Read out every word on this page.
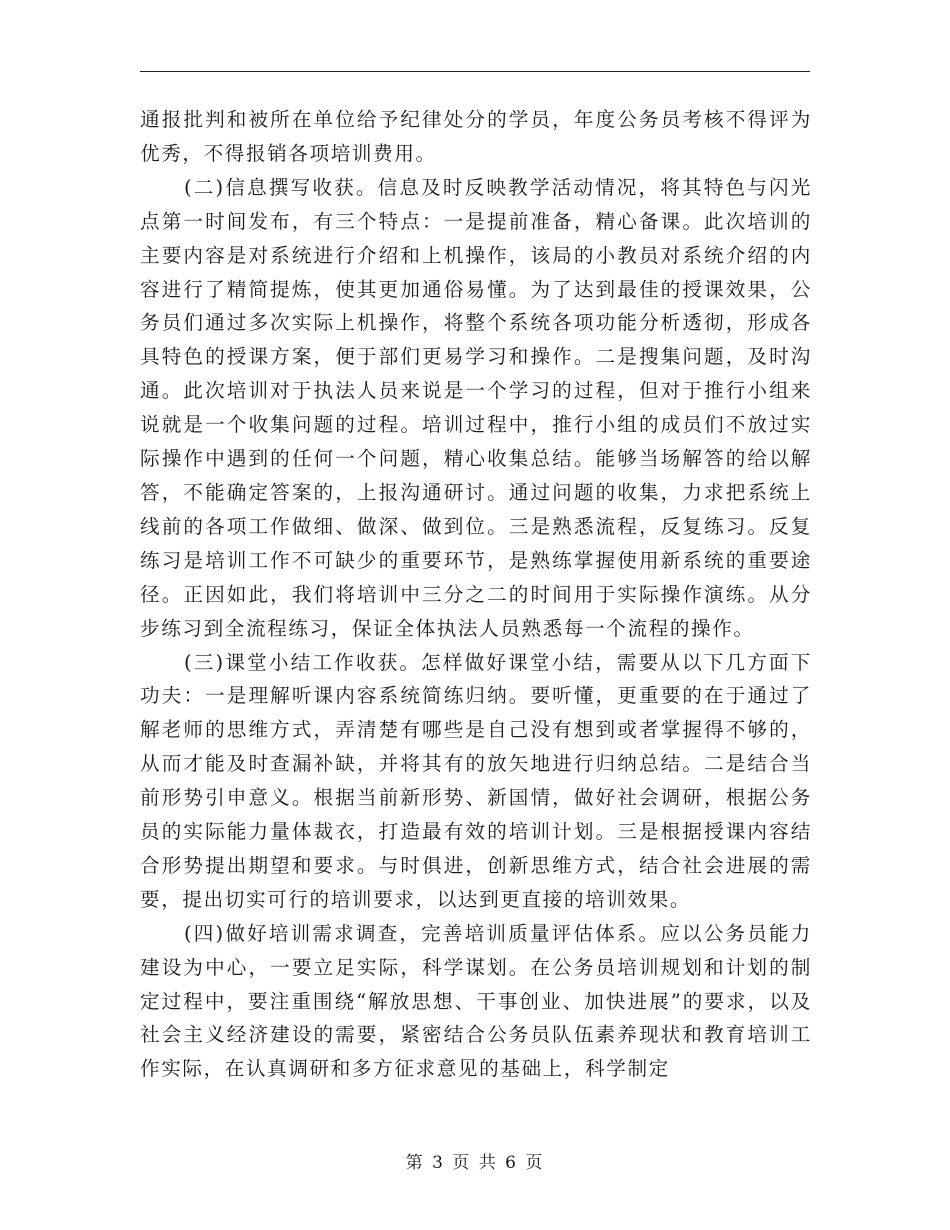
通报批判和被所在单位给予纪律处分的学员，年度公务员考核不得评为优秀，不得报销各项培训费用。

(二)信息撰写收获。信息及时反映教学活动情况，将其特色与闪光点第一时间发布，有三个特点：一是提前准备，精心备课。此次培训的主要内容是对系统进行介绍和上机操作，该局的小教员对系统介绍的内容进行了精简提炼，使其更加通俗易懂。为了达到最佳的授课效果，公务员们通过多次实际上机操作，将整个系统各项功能分析透彻，形成各具特色的授课方案，便于部们更易学习和操作。二是搜集问题，及时沟通。此次培训对于执法人员来说是一个学习的过程，但对于推行小组来说就是一个收集问题的过程。培训过程中，推行小组的成员们不放过实际操作中遇到的任何一个问题，精心收集总结。能够当场解答的给以解答，不能确定答案的，上报沟通研讨。通过问题的收集，力求把系统上线前的各项工作做细、做深、做到位。三是熟悉流程，反复练习。反复练习是培训工作不可缺少的重要环节，是熟练掌握使用新系统的重要途径。正因如此，我们将培训中三分之二的时间用于实际操作演练。从分步练习到全流程练习，保证全体执法人员熟悉每一个流程的操作。

(三)课堂小结工作收获。怎样做好课堂小结，需要从以下几方面下功夫：一是理解听课内容系统简练归纳。要听懂，更重要的在于通过了解老师的思维方式，弄清楚有哪些是自己没有想到或者掌握得不够的，从而才能及时查漏补缺，并将其有的放矢地进行归纳总结。二是结合当前形势引申意义。根据当前新形势、新国情，做好社会调研，根据公务员的实际能力量体裁衣，打造最有效的培训计划。三是根据授课内容结合形势提出期望和要求。与时俱进，创新思维方式，结合社会进展的需要，提出切实可行的培训要求，以达到更直接的培训效果。

(四)做好培训需求调查，完善培训质量评估体系。应以公务员能力建设为中心，一要立足实际，科学谋划。在公务员培训规划和计划的制定过程中，要注重围绕“解放思想、干事创业、加快进展”的要求，以及社会主义经济建设的需要，紧密结合公务员队伍素养现状和教育培训工作实际，在认真调研和多方征求意见的基础上，科学制定

第 3 页 共 6 页
